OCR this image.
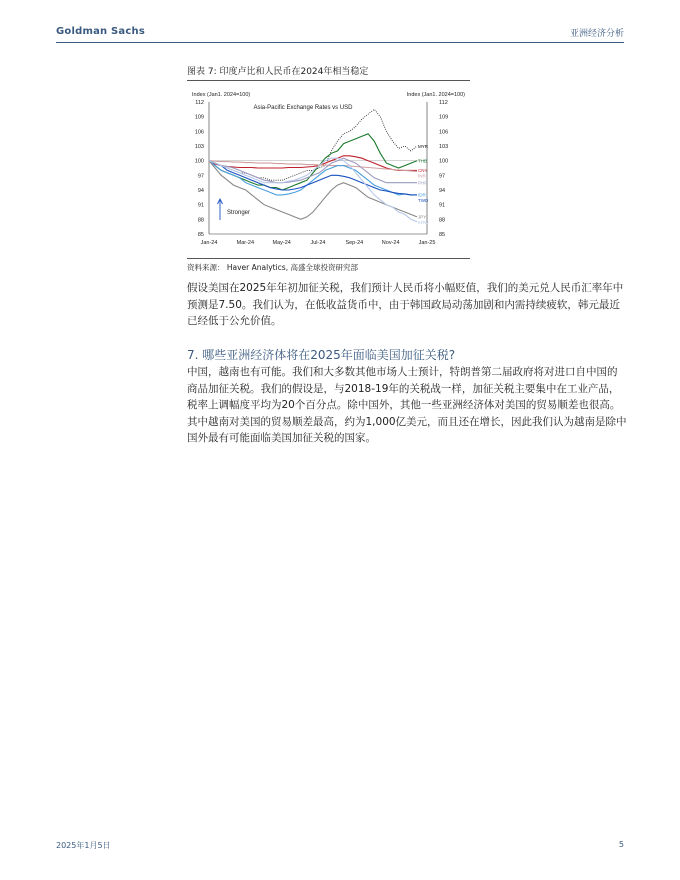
Goldman Sachs	亚洲经济分析
图表 7: 印度卢比和人民币在2024年相当稳定
Index (Jan1. 2024=100)	Index (Jan1. 2024=100)
Asia-Pacific Exchange Rates vs USD
112	112
109	109
106	106
103	103
100	100
97	97
94	94
91	91
88	88
85	85
Jan-24	Mar-24	May-24	Jul-24	Sep-24	Nov-24	Jan-25
MYR
THB
CNY
INR
PHP
IDR
TWD
JPY
KRW
Stronger
资料来源： Haver Analytics, 高盛全球投资研究部

假设美国在2025年年初加征关税，我们预计人民币将小幅贬值，我们的美元兑人民币汇率年中预测是7.50。我们认为，在低收益货币中，由于韩国政局动荡加剧和内需持续疲软，韩元最近已经低于公允价值。

7. 哪些亚洲经济体将在2025年面临美国加征关税?

中国，越南也有可能。我们和大多数其他市场人士预计，特朗普第二届政府将对进口自中国的商品加征关税。我们的假设是，与2018-19年的关税战一样，加征关税主要集中在工业产品，税率上调幅度平均为20个百分点。除中国外，其他一些亚洲经济体对美国的贸易顺差也很高。其中越南对美国的贸易顺差最高，约为1,000亿美元，而且还在增长，因此我们认为越南是除中国外最有可能面临美国加征关税的国家。

2025年1月5日	5
